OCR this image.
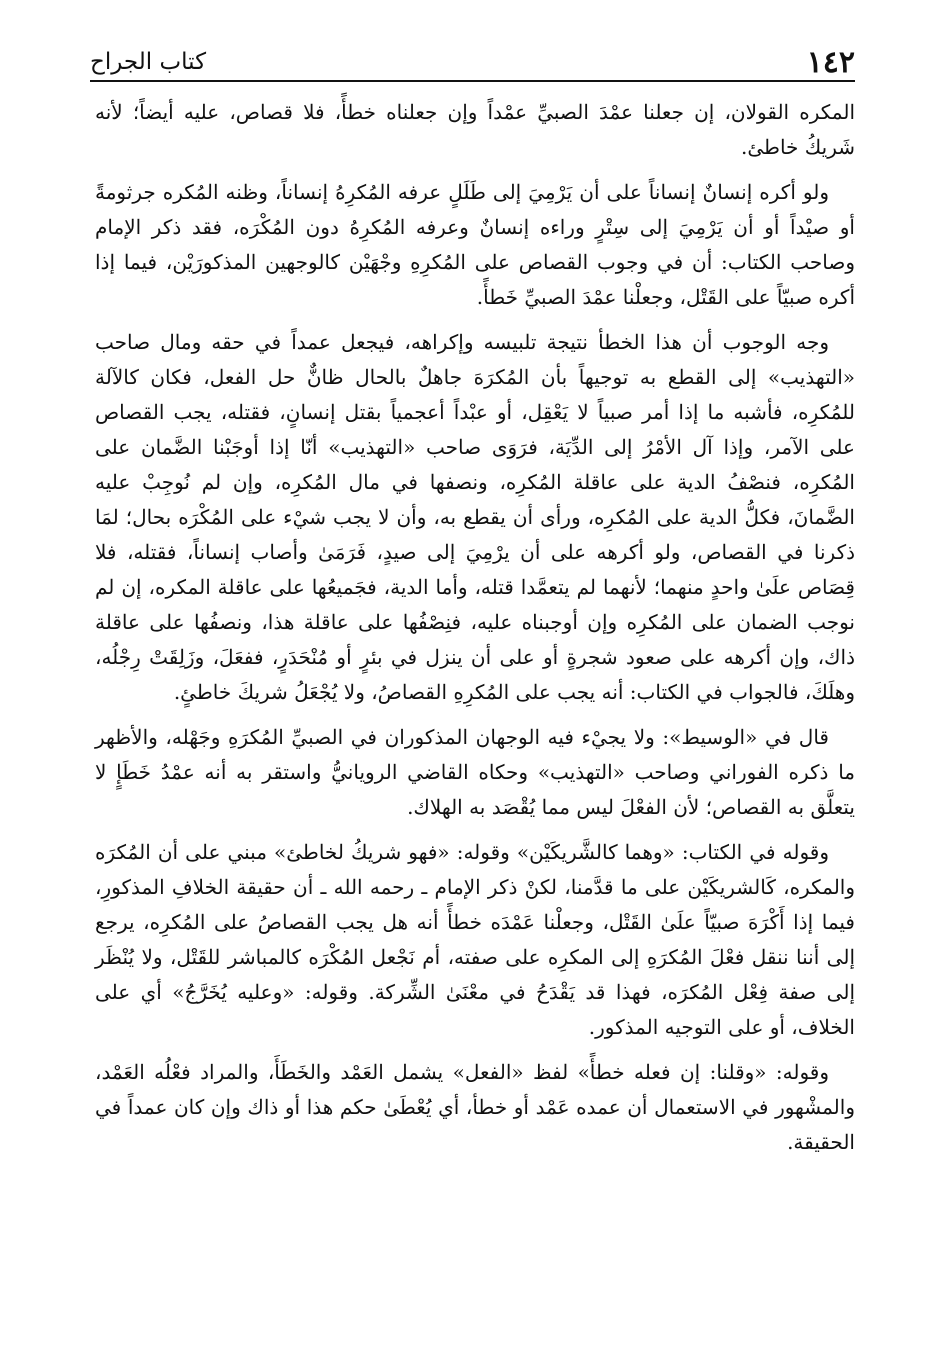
١٤٢
كتاب الجراح

المكره القولان، إن جعلنا عمْدَ الصبيِّ عمْداً وإن جعلناه خطأً، فلا قصاص، عليه أيضاً؛ لأنه شَريكُ خاطئ.

ولو أكره إنسانٌ إنساناً على أن يَرْمِيَ إلى طَلَلٍ عرفه المُكرِهُ إنساناً، وظنه المُكره جرثومةً أو صيْداً أو أن يَرْمِيَ إلى سِتْرٍ وراءه إنسانٌ وعرفه المُكرِهُ دون المُكْرَه، فقد ذكر الإمام وصاحب الكتاب: أن في وجوب القصاص على المُكرِهِ وجْهَيْن كالوجهين المذكورَيْن، فيما إذا أكره صبيّاً على القَتْل، وجعلْنا عمْدَ الصبيِّ خَطأً.

وجه الوجوب أن هذا الخطأ نتيجة تلبيسه وإكراهه، فيجعل عمداً في حقه ومال صاحب «التهذيب» إلى القطع به توجيهاً بأن المُكرَهَ جاهلٌ بالحال ظانٌّ حل الفعل، فكان كالآلة للمُكرِه، فأشبه ما إذا أمر صبياً لا يَعْقِل، أو عبْداً أعجمياً بقتل إنسانٍ، فقتله، يجب القصاص على الآمر، وإذا آل الأمْرُ إلى الدِّيَة، فرَوَى صاحب «التهذيب» أنّا إذا أوجَبْنا الضَّمان على المُكرِه، فنصْفُ الدية على عاقلة المُكرِه، ونصفها في مال المُكرِه، وإن لم نُوجِبْ عليه الضَّمانَ، فكلُّ الدية على المُكرِه، ورأى أن يقطع به، وأن لا يجب شيْء على المُكْرَه بحال؛ لمَا ذكرنا في القصاص، ولو أكرهه على أن يرْمِيَ إلى صيدٍ، فَرَمَىٰ وأصاب إنساناً، فقتله، فلا قِصَاص علَىٰ واحدٍ منهما؛ لأنهما لم يتعمَّدا قتله، وأما الدية، فجَميعُها على عاقلة المكره، إن لم نوجب الضمان على المُكرِه وإن أوجبناه عليه، فنِصْفُها على عاقلة هذا، ونصفُها على عاقلة ذاك، وإن أكرهه على صعود شجرةٍ أو على أن ينزل في بئرٍ أو مُنْحَدَرٍ، ففعَلَ، وزَلِقَتْ رِجْلُه، وهلَكَ، فالجواب في الكتاب: أنه يجب على المُكرِهِ القصاصُ، ولا يُجْعَلُ شريكَ خاطئٍ.

قال في «الوسيط»: ولا يجيْء فيه الوجهان المذكوران في الصبيِّ المُكرَهِ وجَهْله، والأظهر ما ذكره الفوراني وصاحب «التهذيب» وحكاه القاضي الرويانيُّ واستقر به أنه عمْدُ خَطَإٍ لا يتعلَّق به القصاص؛ لأن الفعْلَ ليس مما يُقْصَد به الهلاك.

وقوله في الكتاب: «وهما كالشَّريكَيْن» وقوله: «فهو شريكُ لخاطئ» مبني على أن المُكرَه والمكره، كَالشريكَيْن على ما قدَّمنا، لكنْ ذكر الإمام ـ رحمه الله ـ أن حقيقة الخلافِ المذكورِ، فيما إذا أَكْرَهَ صبيّاً علَىٰ القَتْل، وجعلْنا عَمْدَه خطأً أنه هل يجب القصاصُ على المُكرِه، يرجع إلى أننا ننقل فعْلَ المُكرَهِ إلى المكرِه على صفته، أم نَجْعل المُكْرَه كالمباشر للقَتْل، ولا يُنْظَر إلى صفة فِعْل المُكرَه، فهذا قد يَقْدَحُ في معْنَىٰ الشِّركة. وقوله: «وعليه يُخَرَّجُ» أي على الخلاف، أو على التوجيه المذكور.

وقوله: «وقلنا: إن فعله خطأً» لفظ «الفعل» يشمل العَمْد والخَطَأَ، والمراد فعْلُه العَمْد، والمشْهور في الاستعمال أن عمده عَمْد أو خطأ، أي يُعْطَىٰ حكم هذا أو ذاك وإن كان عمداً في الحقيقة.
